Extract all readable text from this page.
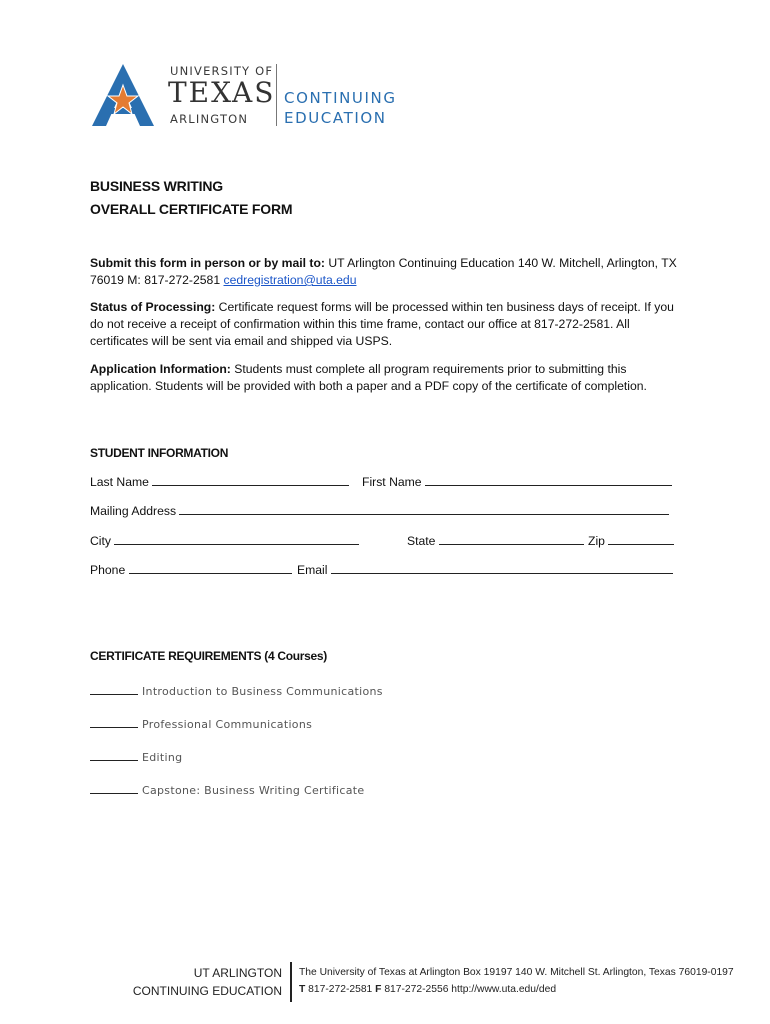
UNIVERSITY OF
TEXAS
ARLINGTON
CONTINUING
EDUCATION
BUSINESS WRITING
OVERALL CERTIFICATE FORM
Submit this form in person or by mail to: UT Arlington Continuing Education 140 W. Mitchell, Arlington, TX 76019 M: 817-272-2581 cedregistration@uta.edu
Status of Processing: Certificate request forms will be processed within ten business days of receipt. If you do not receive a receipt of confirmation within this time frame, contact our office at 817-272-2581. All certificates will be sent via email and shipped via USPS.
Application Information: Students must complete all program requirements prior to submitting this application. Students will be provided with both a paper and a PDF copy of the certificate of completion.
STUDENT INFORMATION
Last Name	First Name
Mailing Address
City	State	Zip
Phone	Email
CERTIFICATE REQUIREMENTS (4 Courses)
Introduction to Business Communications
Professional Communications
Editing
Capstone: Business Writing Certificate
UT ARLINGTON
CONTINUING EDUCATION
The University of Texas at Arlington Box 19197 140 W. Mitchell St. Arlington, Texas 76019-0197
T 817-272-2581 F 817-272-2556 http://www.uta.edu/ded
